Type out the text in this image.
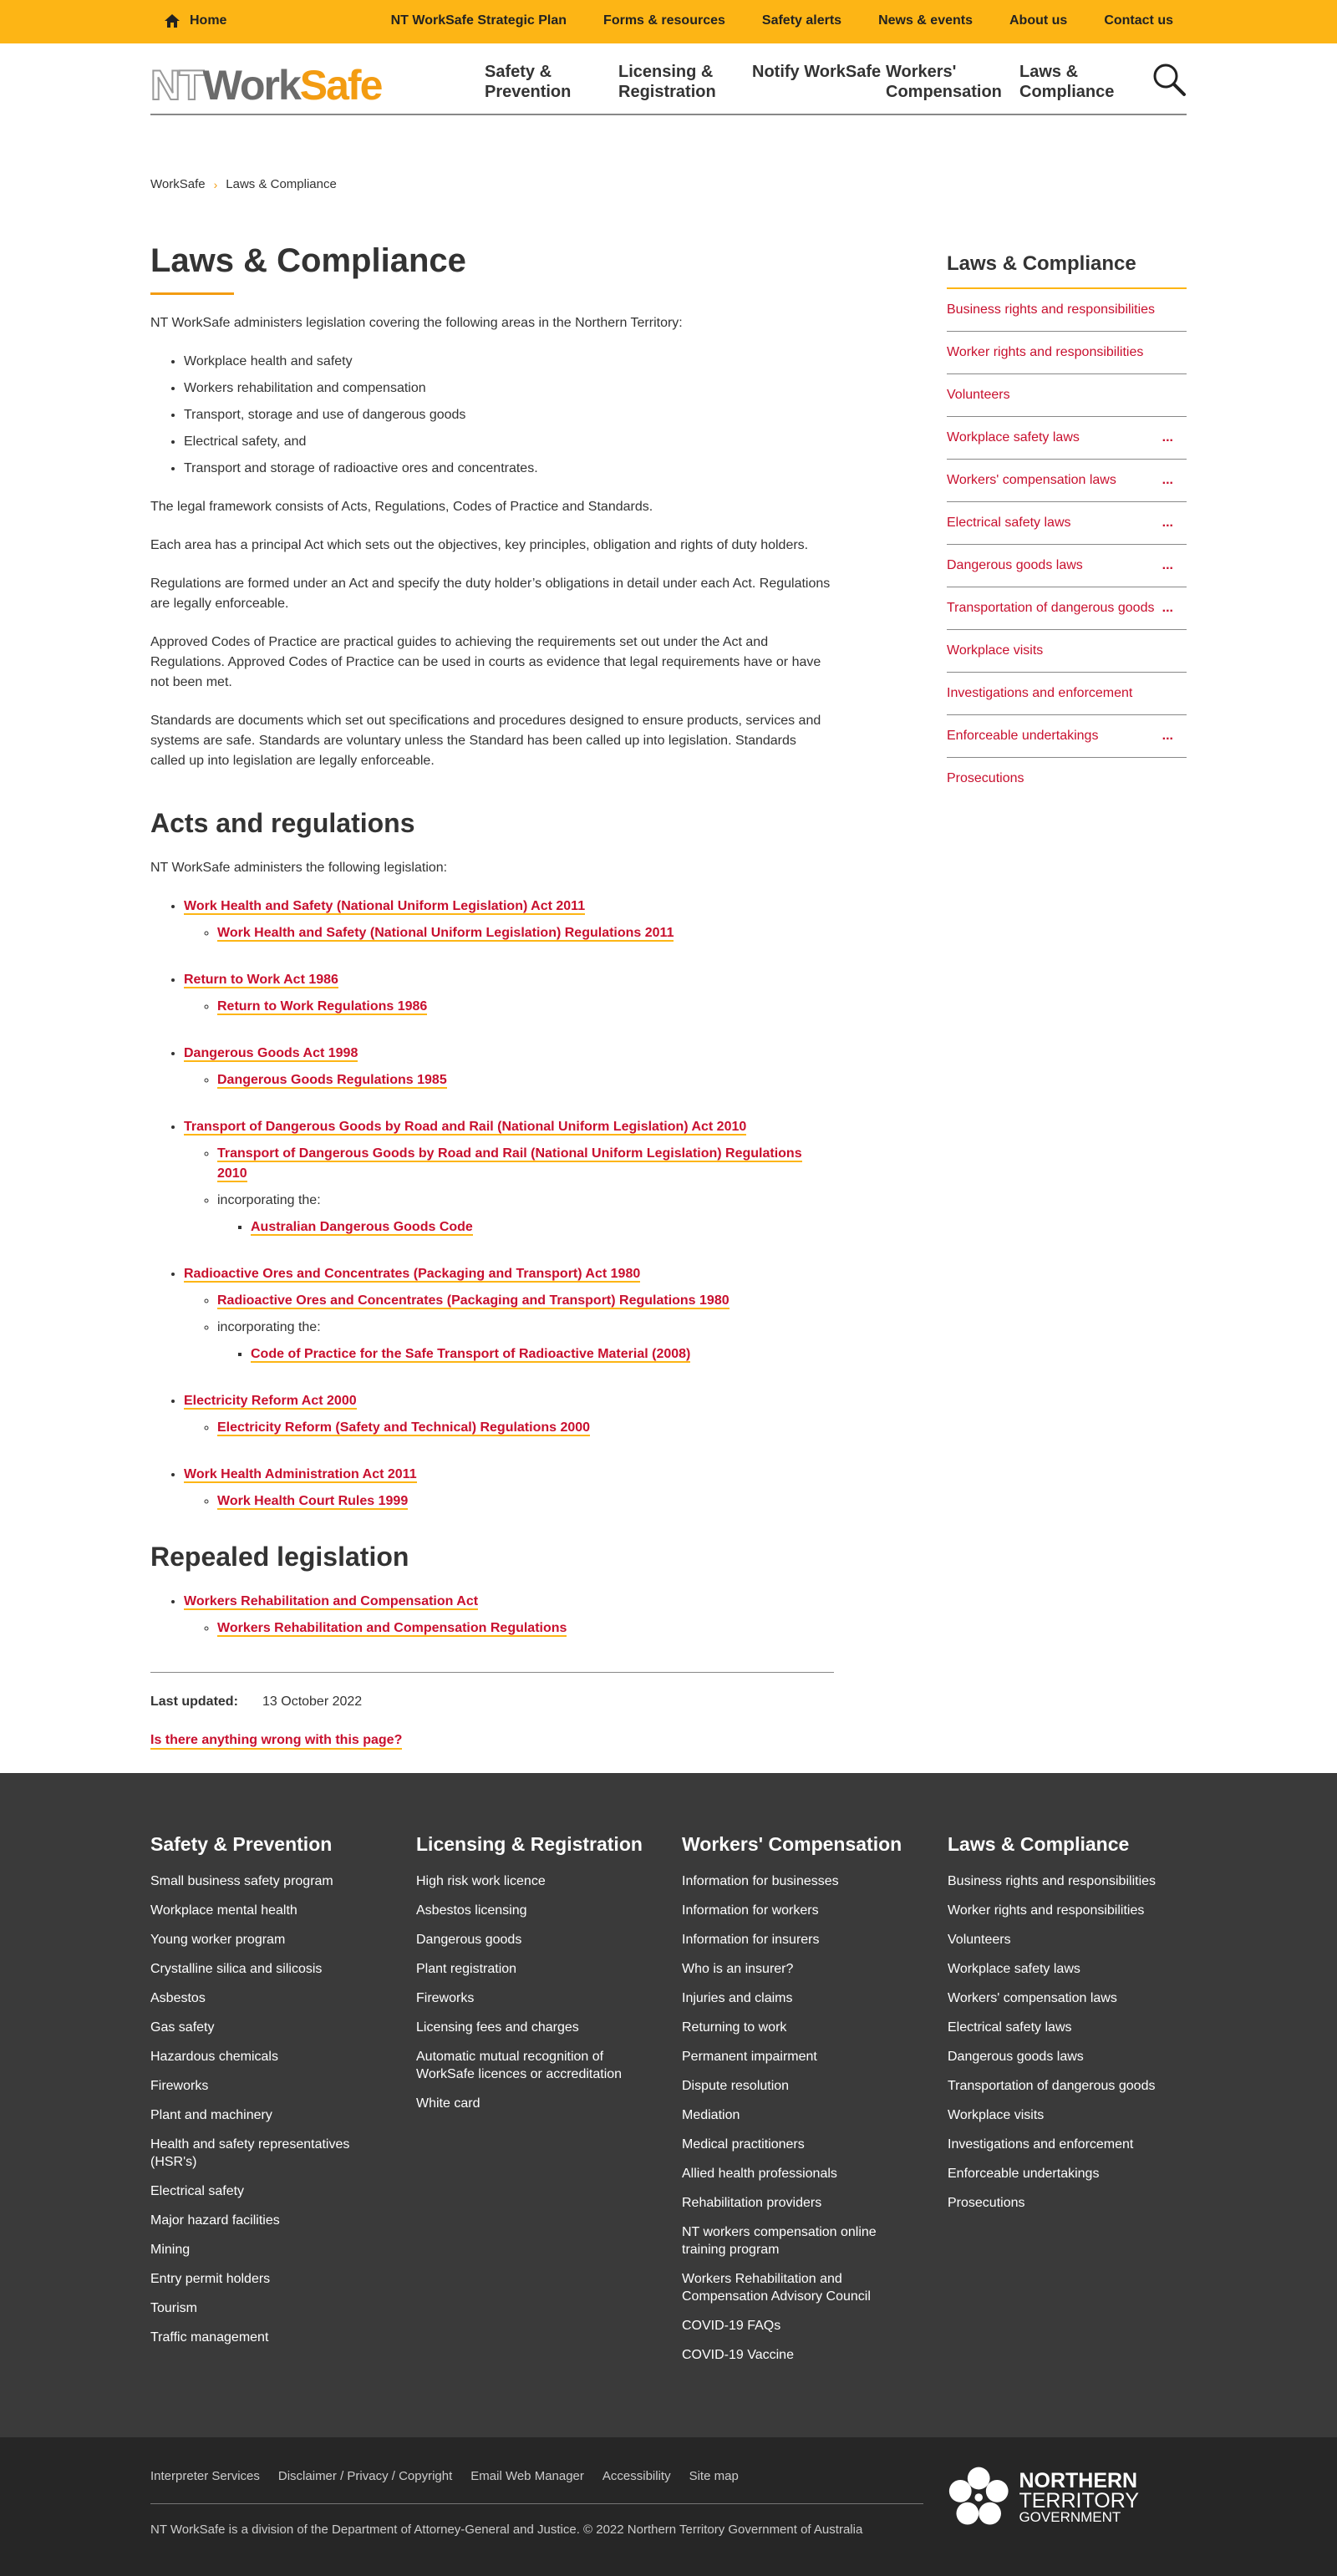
Home	NT WorkSafe Strategic Plan	Forms & resources	Safety alerts	News & events	About us	Contact us
NTWorkSafe	Safety & Prevention
Licensing & Registration
Notify WorkSafe Workers' Compensation
Laws & Compliance
WorkSafe › Laws & Compliance
Laws & Compliance

NT WorkSafe administers legislation covering the following areas in the Northern Territory:

• Workplace health and safety
• Workers rehabilitation and compensation
• Transport, storage and use of dangerous goods
• Electrical safety, and
• Transport and storage of radioactive ores and concentrates.

The legal framework consists of Acts, Regulations, Codes of Practice and Standards.

Each area has a principal Act which sets out the objectives, key principles, obligation and rights of duty holders.

Regulations are formed under an Act and specify the duty holder’s obligations in detail under each Act. Regulations are legally enforceable.

Approved Codes of Practice are practical guides to achieving the requirements set out under the Act and Regulations. Approved Codes of Practice can be used in courts as evidence that legal requirements have or have not been met.

Standards are documents which set out specifications and procedures designed to ensure products, services and systems are safe. Standards are voluntary unless the Standard has been called up into legislation. Standards called up into legislation are legally enforceable.

Acts and regulations

NT WorkSafe administers the following legislation:

• Work Health and Safety (National Uniform Legislation) Act 2011
◦ Work Health and Safety (National Uniform Legislation) Regulations 2011
• Return to Work Act 1986
◦ Return to Work Regulations 1986
• Dangerous Goods Act 1998
◦ Dangerous Goods Regulations 1985
• Transport of Dangerous Goods by Road and Rail (National Uniform Legislation) Act 2010
◦ Transport of Dangerous Goods by Road and Rail (National Uniform Legislation) Regulations 2010
◦ incorporating the:
▪ Australian Dangerous Goods Code
• Radioactive Ores and Concentrates (Packaging and Transport) Act 1980
◦ Radioactive Ores and Concentrates (Packaging and Transport) Regulations 1980
◦ incorporating the:
▪ Code of Practice for the Safe Transport of Radioactive Material (2008)
• Electricity Reform Act 2000
◦ Electricity Reform (Safety and Technical) Regulations 2000
• Work Health Administration Act 2011
◦ Work Health Court Rules 1999
Repealed legislation
• Workers Rehabilitation and Compensation Act
◦ Workers Rehabilitation and Compensation Regulations
Last updated:	13 October 2022
Is there anything wrong with this page?
Laws & Compliance
Business rights and responsibilities
Worker rights and responsibilities
Volunteers
Workplace safety laws	...
Workers' compensation laws	...
Electrical safety laws	...
Dangerous goods laws	...
Transportation of dangerous goods ...
Workplace visits
Investigations and enforcement
Enforceable undertakings	...
Prosecutions
Safety & Prevention
Small business safety program
Workplace mental health
Young worker program
Crystalline silica and silicosis
Asbestos
Gas safety
Hazardous chemicals
Fireworks
Plant and machinery
Health and safety representatives (HSR's)
Electrical safety
Major hazard facilities
Mining
Entry permit holders
Tourism
Traffic management
Licensing & Registration
High risk work licence
Asbestos licensing
Dangerous goods
Plant registration
Fireworks
Licensing fees and charges
Automatic mutual recognition of WorkSafe licences or accreditation
White card
Workers' Compensation
Information for businesses
Information for workers
Information for insurers
Who is an insurer?
Injuries and claims
Returning to work
Permanent impairment
Dispute resolution
Mediation
Medical practitioners
Allied health professionals
Rehabilitation providers
NT workers compensation online training program
Workers Rehabilitation and Compensation Advisory Council
COVID-19 FAQs
COVID-19 Vaccine
Laws & Compliance
Business rights and responsibilities
Worker rights and responsibilities
Volunteers
Workplace safety laws
Workers' compensation laws
Electrical safety laws
Dangerous goods laws
Transportation of dangerous goods
Workplace visits
Investigations and enforcement
Enforceable undertakings
Prosecutions
Interpreter Services Disclaimer / Privacy / Copyright Email Web Manager Accessibility Site map
NT WorkSafe is a division of the Department of Attorney-General and Justice. © 2022 Northern Territory Government of Australia
NORTHERN
TERRITORY
GOVERNMENT
